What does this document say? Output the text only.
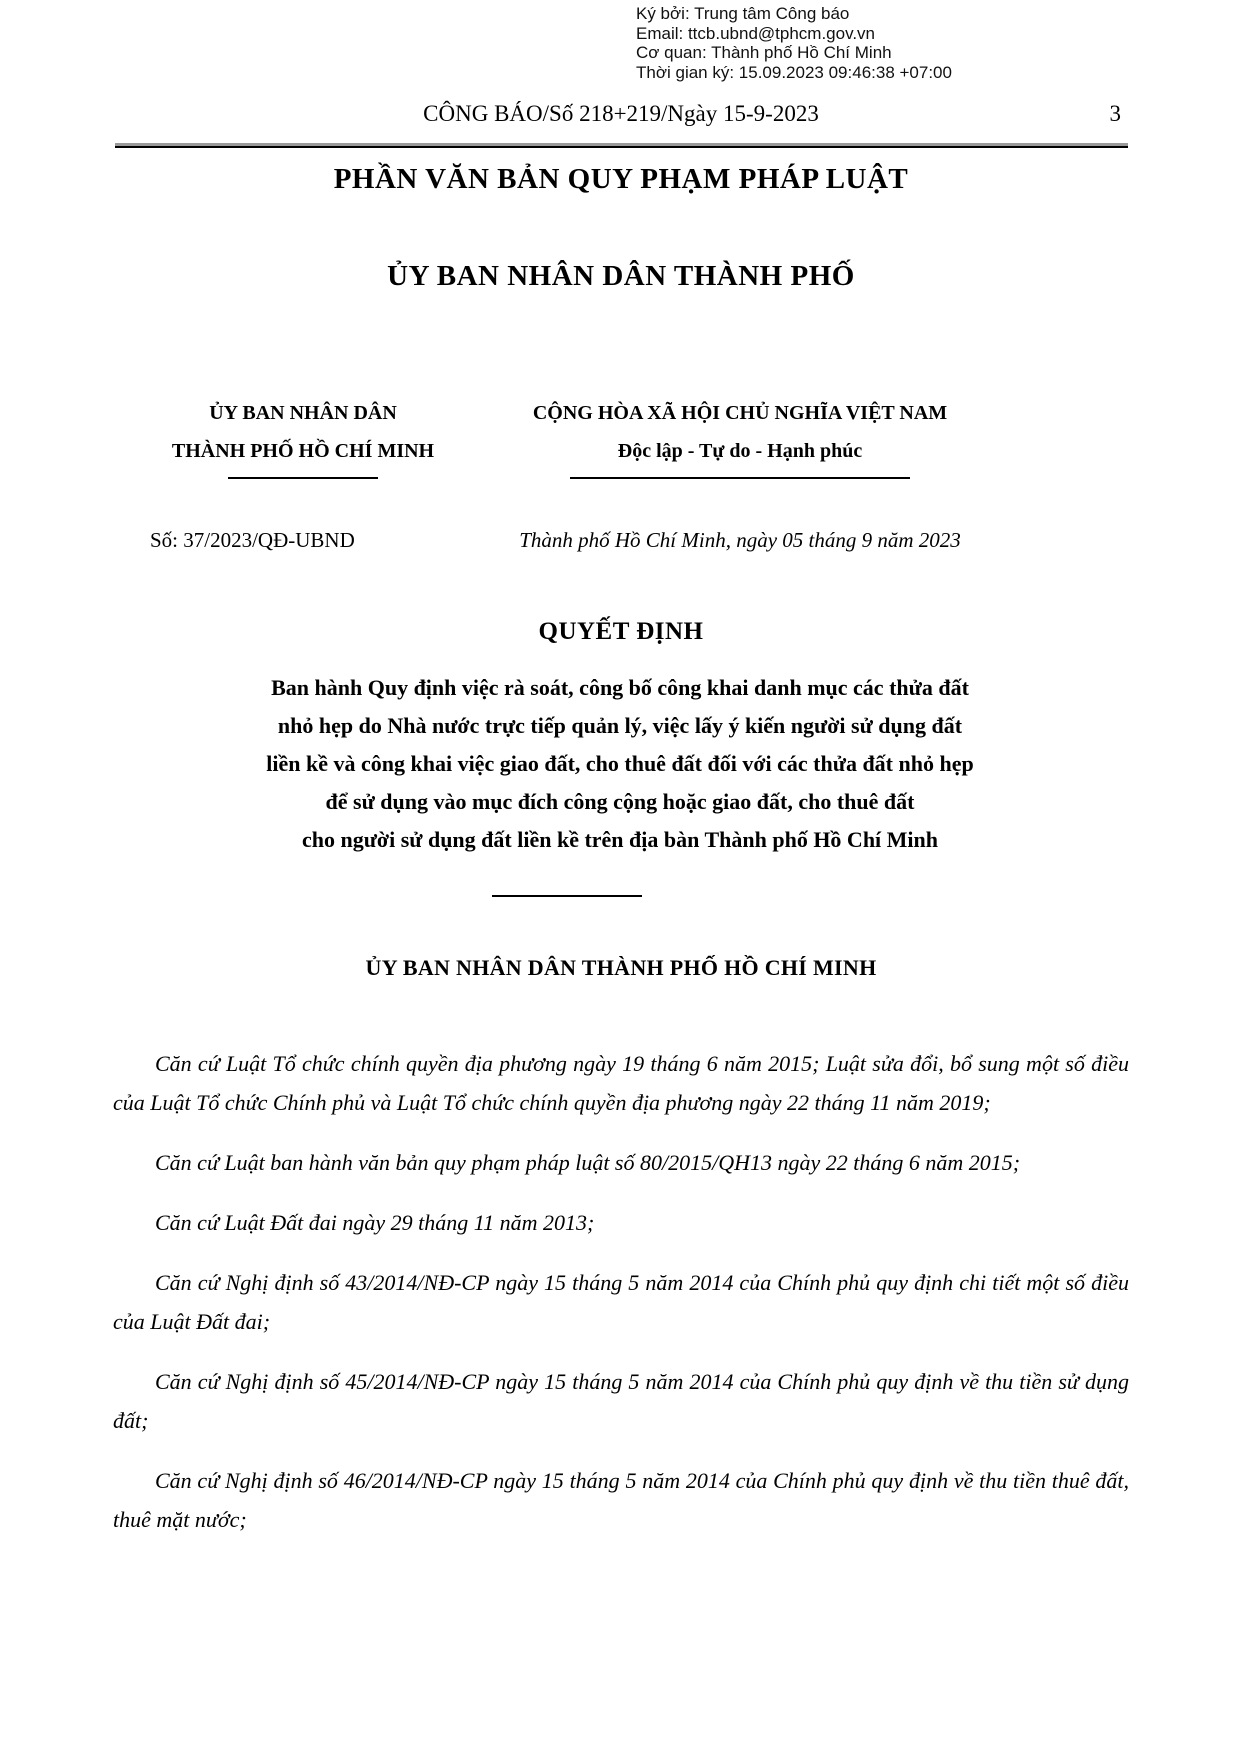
Ký bởi: Trung tâm Công báo
Email: ttcb.ubnd@tphcm.gov.vn
Cơ quan: Thành phố Hồ Chí Minh
Thời gian ký: 15.09.2023 09:46:38 +07:00
CÔNG BÁO/Số 218+219/Ngày 15-9-2023	3
PHẦN VĂN BẢN QUY PHẠM PHÁP LUẬT
ỦY BAN NHÂN DÂN THÀNH PHỐ
ỦY BAN NHÂN DÂN
THÀNH PHỐ HỒ CHÍ MINH
CỘNG HÒA XÃ HỘI CHỦ NGHĨA VIỆT NAM
Độc lập - Tự do - Hạnh phúc
Số: 37/2023/QĐ-UBND	Thành phố Hồ Chí Minh, ngày 05 tháng 9 năm 2023
QUYẾT ĐỊNH
Ban hành Quy định việc rà soát, công bố công khai danh mục các thửa đất
nhỏ hẹp do Nhà nước trực tiếp quản lý, việc lấy ý kiến người sử dụng đất
liền kề và công khai việc giao đất, cho thuê đất đối với các thửa đất nhỏ hẹp
để sử dụng vào mục đích công cộng hoặc giao đất, cho thuê đất
cho người sử dụng đất liền kề trên địa bàn Thành phố Hồ Chí Minh
ỦY BAN NHÂN DÂN THÀNH PHỐ HỒ CHÍ MINH

Căn cứ Luật Tổ chức chính quyền địa phương ngày 19 tháng 6 năm 2015; Luật sửa đổi, bổ sung một số điều của Luật Tổ chức Chính phủ và Luật Tổ chức chính quyền địa phương ngày 22 tháng 11 năm 2019;

Căn cứ Luật ban hành văn bản quy phạm pháp luật số 80/2015/QH13 ngày 22 tháng 6 năm 2015;

Căn cứ Luật Đất đai ngày 29 tháng 11 năm 2013;

Căn cứ Nghị định số 43/2014/NĐ-CP ngày 15 tháng 5 năm 2014 của Chính phủ quy định chi tiết một số điều của Luật Đất đai;

Căn cứ Nghị định số 45/2014/NĐ-CP ngày 15 tháng 5 năm 2014 của Chính phủ quy định về thu tiền sử dụng đất;

Căn cứ Nghị định số 46/2014/NĐ-CP ngày 15 tháng 5 năm 2014 của Chính phủ quy định về thu tiền thuê đất, thuê mặt nước;
